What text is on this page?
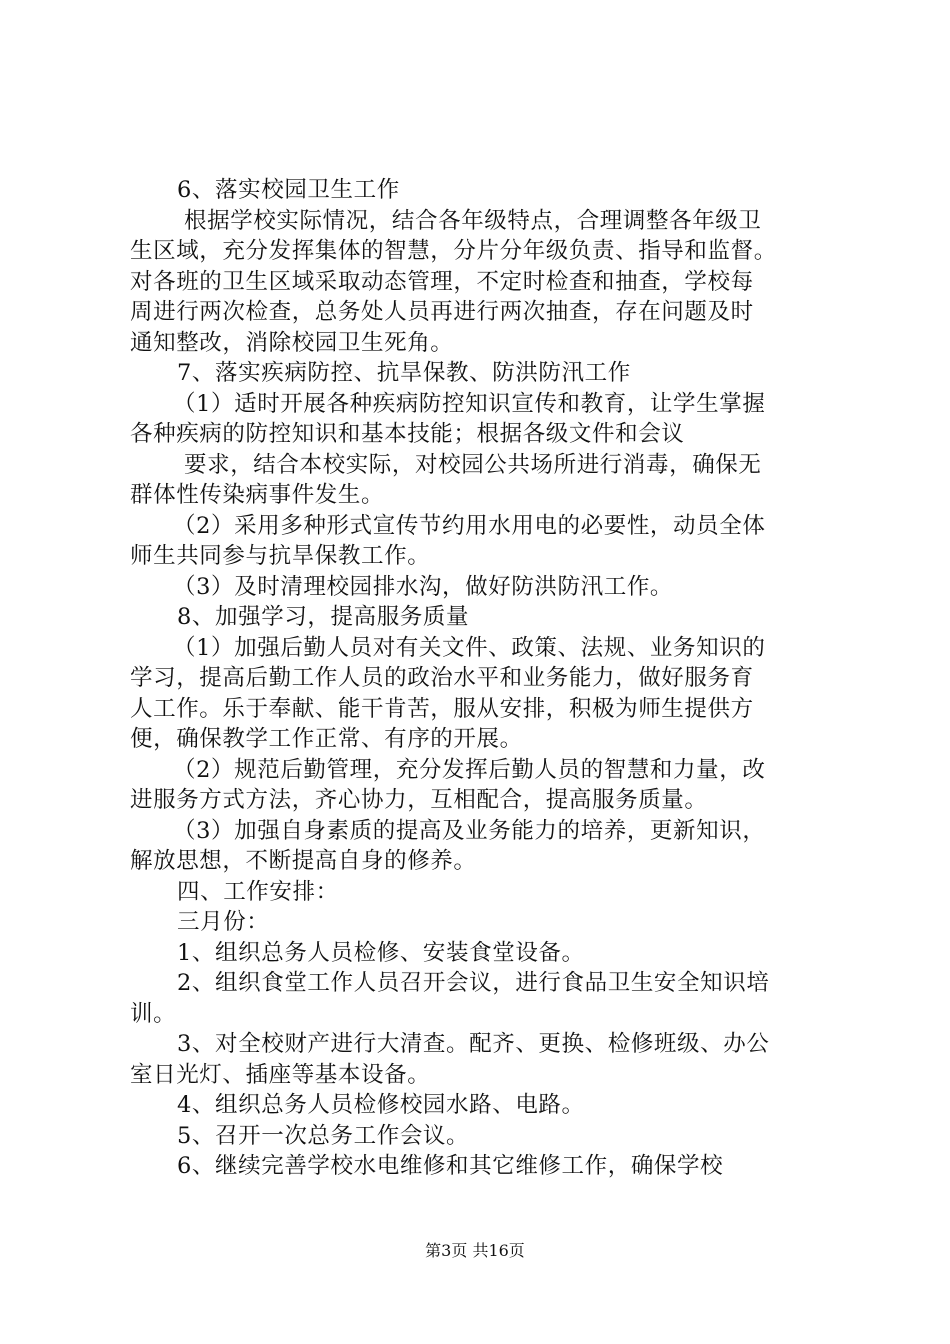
6、落实校园卫生工作
根据学校实际情况，结合各年级特点，合理调整各年级卫
生区域，充分发挥集体的智慧，分片分年级负责、指导和监督。
对各班的卫生区域采取动态管理，不定时检查和抽查，学校每
周进行两次检查，总务处人员再进行两次抽查，存在问题及时
通知整改，消除校园卫生死角。
7、落实疾病防控、抗旱保教、防洪防汛工作
（1）适时开展各种疾病防控知识宣传和教育，让学生掌握
各种疾病的防控知识和基本技能；根据各级文件和会议
要求，结合本校实际，对校园公共场所进行消毒，确保无
群体性传染病事件发生。
（2）采用多种形式宣传节约用水用电的必要性，动员全体
师生共同参与抗旱保教工作。
（3）及时清理校园排水沟，做好防洪防汛工作。
8、加强学习，提高服务质量
（1）加强后勤人员对有关文件、政策、法规、业务知识的
学习，提高后勤工作人员的政治水平和业务能力，做好服务育
人工作。乐于奉献、能干肯苦，服从安排，积极为师生提供方
便，确保教学工作正常、有序的开展。
（2）规范后勤管理，充分发挥后勤人员的智慧和力量，改
进服务方式方法，齐心协力，互相配合，提高服务质量。
（3）加强自身素质的提高及业务能力的培养，更新知识，
解放思想，不断提高自身的修养。
四、工作安排：
三月份：
1、组织总务人员检修、安装食堂设备。
2、组织食堂工作人员召开会议，进行食品卫生安全知识培
训。
3、对全校财产进行大清查。配齐、更换、检修班级、办公
室日光灯、插座等基本设备。
4、组织总务人员检修校园水路、电路。
5、召开一次总务工作会议。
6、继续完善学校水电维修和其它维修工作，确保学校
第3页 共16页
